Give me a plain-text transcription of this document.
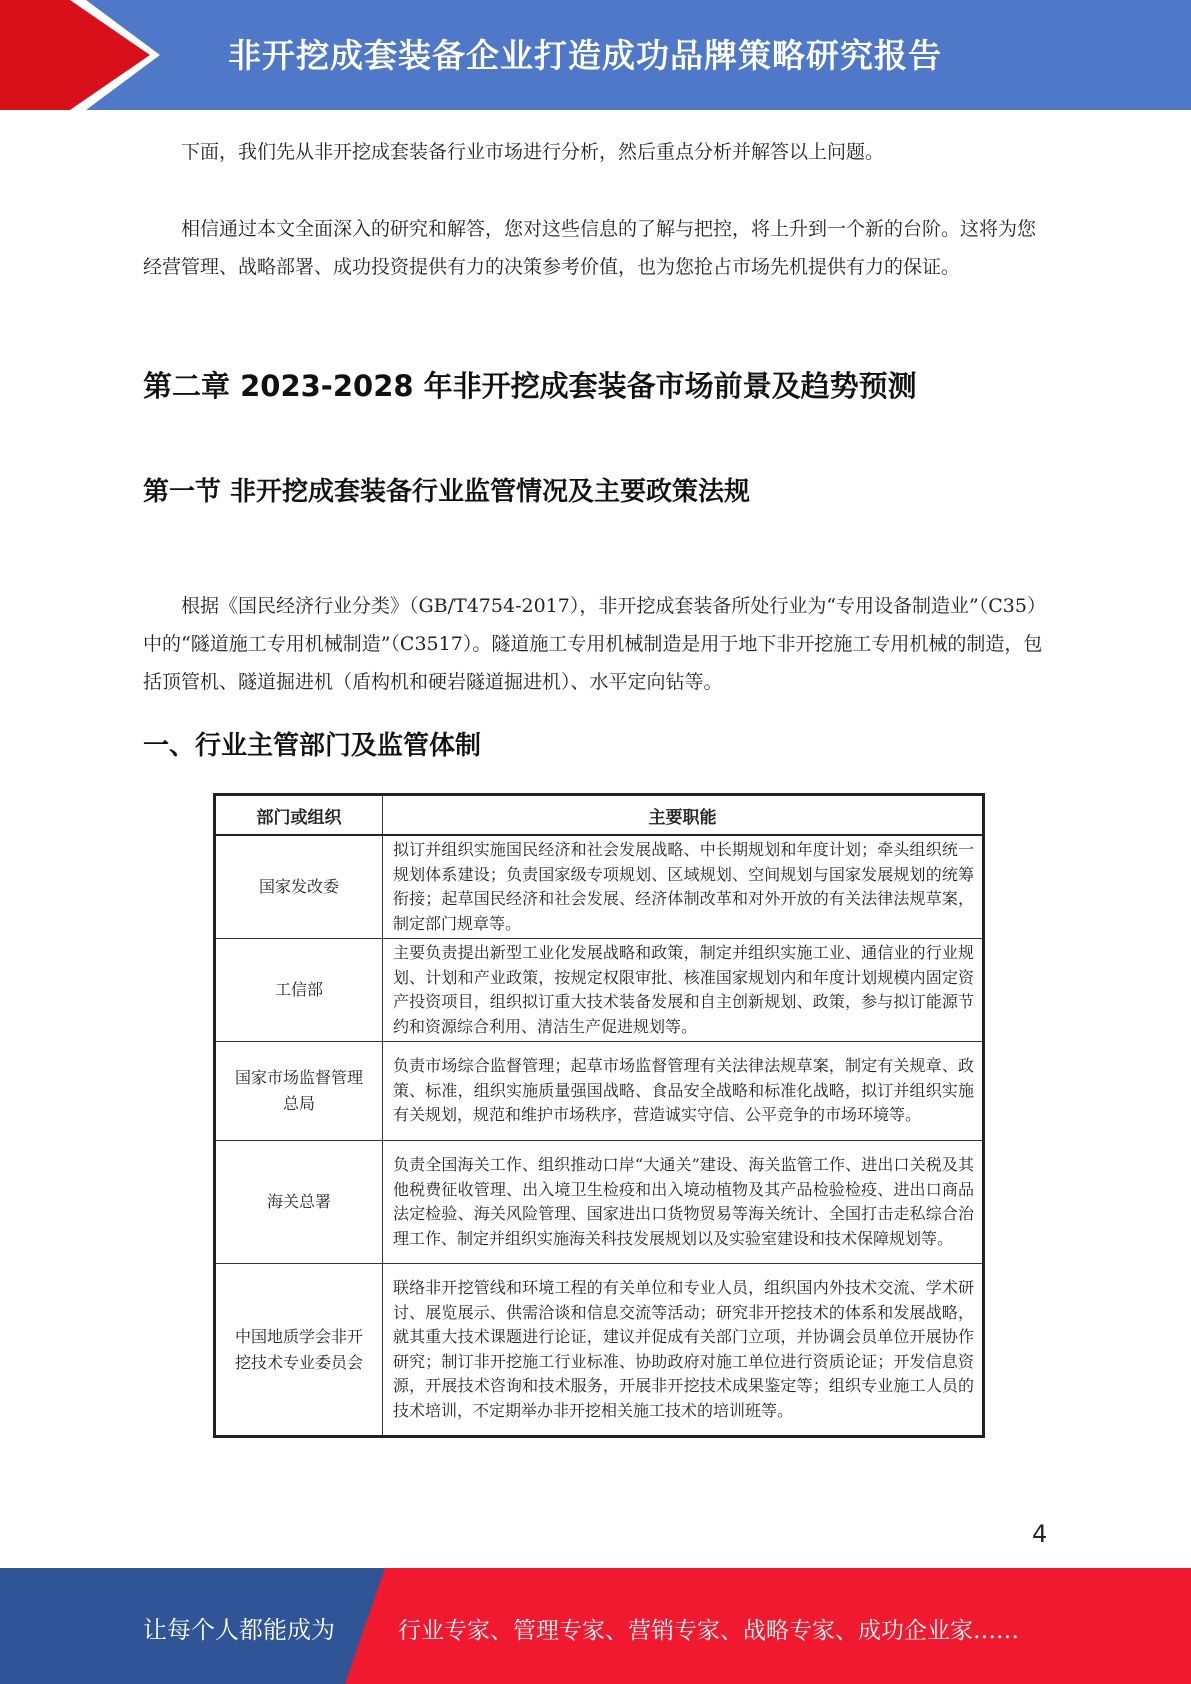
非开挖成套装备企业打造成功品牌策略研究报告

下面，我们先从非开挖成套装备行业市场进行分析，然后重点分析并解答以上问题。

相信通过本文全面深入的研究和解答，您对这些信息的了解与把控，将上升到一个新的台阶。这将为您经营管理、战略部署、成功投资提供有力的决策参考价值，也为您抢占市场先机提供有力的保证。

第二章 2023-2028 年非开挖成套装备市场前景及趋势预测
第一节 非开挖成套装备行业监管情况及主要政策法规

根据《国民经济行业分类》（GB/T4754-2017），非开挖成套装备所处行业为“专用设备制造业”（C35）中的“隧道施工专用机械制造”（C3517）。隧道施工专用机械制造是用于地下非开挖施工专用机械的制造，包括顶管机、隧道掘进机（盾构机和硬岩隧道掘进机）、水平定向钻等。

一、行业主管部门及监管体制
部门或组织	主要职能
国家发改委	拟订并组织实施国民经济和社会发展战略、中长期规划和年度计划；牵头组织统一规划体系建设；负责国家级专项规划、区域规划、空间规划与国家发展规划的统筹衔接；起草国民经济和社会发展、经济体制改革和对外开放的有关法律法规草案，制定部门规章等。
工信部	主要负责提出新型工业化发展战略和政策，制定并组织实施工业、通信业的行业规划、计划和产业政策，按规定权限审批、核准国家规划内和年度计划规模内固定资产投资项目，组织拟订重大技术装备发展和自主创新规划、政策，参与拟订能源节约和资源综合利用、清洁生产促进规划等。
国家市场监督管理总局	负责市场综合监督管理；起草市场监督管理有关法律法规草案，制定有关规章、政策、标准，组织实施质量强国战略、食品安全战略和标准化战略，拟订并组织实施有关规划，规范和维护市场秩序，营造诚实守信、公平竞争的市场环境等。
海关总署	负责全国海关工作、组织推动口岸“大通关”建设、海关监管工作、进出口关税及其他税费征收管理、出入境卫生检疫和出入境动植物及其产品检验检疫、进出口商品法定检验、海关风险管理、国家进出口货物贸易等海关统计、全国打击走私综合治理工作、制定并组织实施海关科技发展规划以及实验室建设和技术保障规划等。
中国地质学会非开挖技术专业委员会	联络非开挖管线和环境工程的有关单位和专业人员，组织国内外技术交流、学术研讨、展览展示、供需洽谈和信息交流等活动；研究非开挖技术的体系和发展战略，就其重大技术课题进行论证，建议并促成有关部门立项，并协调会员单位开展协作研究；制订非开挖施工行业标准、协助政府对施工单位进行资质论证；开发信息资源，开展技术咨询和技术服务，开展非开挖技术成果鉴定等；组织专业施工人员的技术培训，不定期举办非开挖相关施工技术的培训班等。
4
让每个人都能成为	行业专家、管理专家、营销专家、战略专家、成功企业家……
